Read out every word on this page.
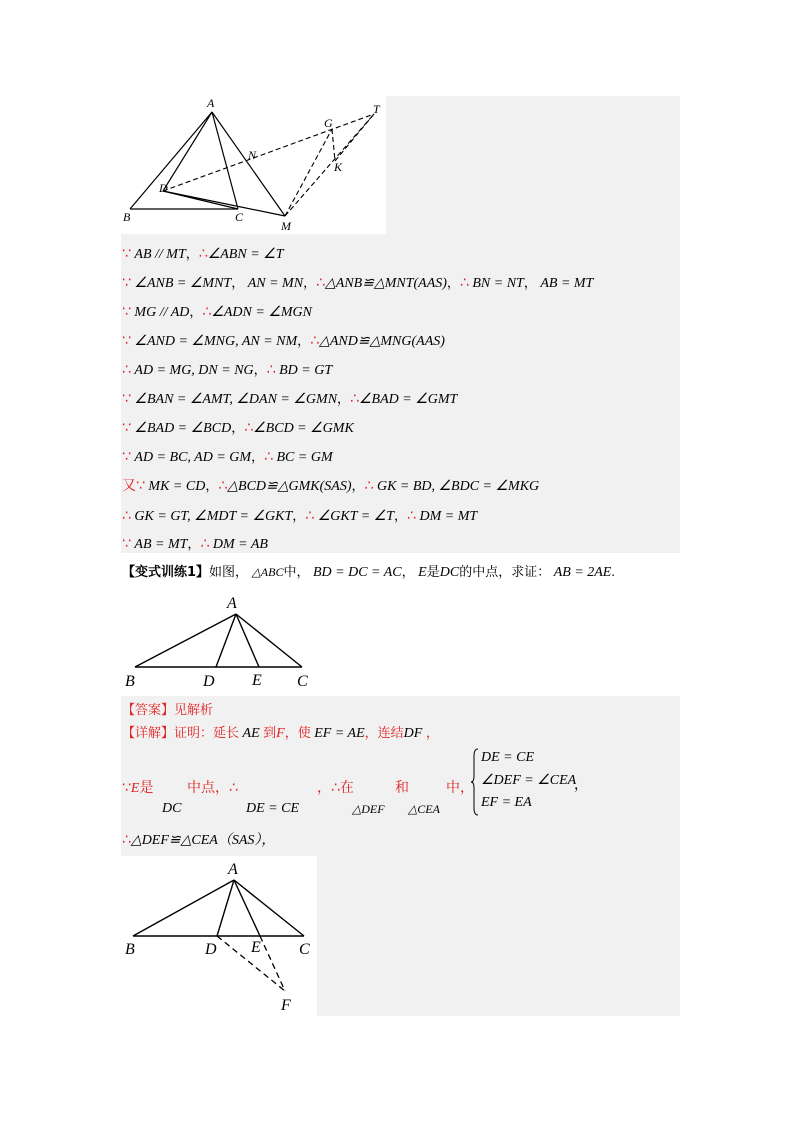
A
B	C
D
N
G
T
K
M
∵ AB // MT，∴∠ABN = ∠T
∵ ∠ANB = ∠MNT， AN = MN，∴△ANB≌△MNT(AAS)，∴ BN = NT， AB = MT
∵ MG // AD，∴∠ADN = ∠MGN
∵ ∠AND = ∠MNG, AN = NM，∴△AND≌△MNG(AAS)
∴ AD = MG, DN = NG，∴ BD = GT
∵ ∠BAN = ∠AMT, ∠DAN = ∠GMN，∴∠BAD = ∠GMT
∵ ∠BAD = ∠BCD，∴∠BCD = ∠GMK
∵ AD = BC, AD = GM，∴ BC = GM
又∵ MK = CD，∴△BCD≌△GMK(SAS)，∴ GK = BD, ∠BDC = ∠MKG
∴ GK = GT, ∠MDT = ∠GKT，∴ ∠GKT = ∠T，∴ DM = MT
∵ AB = MT，∴ DM = AB
【变式训练1】如图， △ABC中， BD = DC = AC， E是DC的中点，求证： AB = 2AE.
A
B	D E C
【答案】见解析
【详解】证明：延长 AE 到F，使 EF = AE，连结DF ，
∵E是 中点，∴	，∴在	和	中，
DC	DE = CE	△DEF △CEA
DE = CE
∠DEF = ∠CEA
，
EF = EA
∴△DEF≌△CEA（SAS），
A
B	D E C
F
